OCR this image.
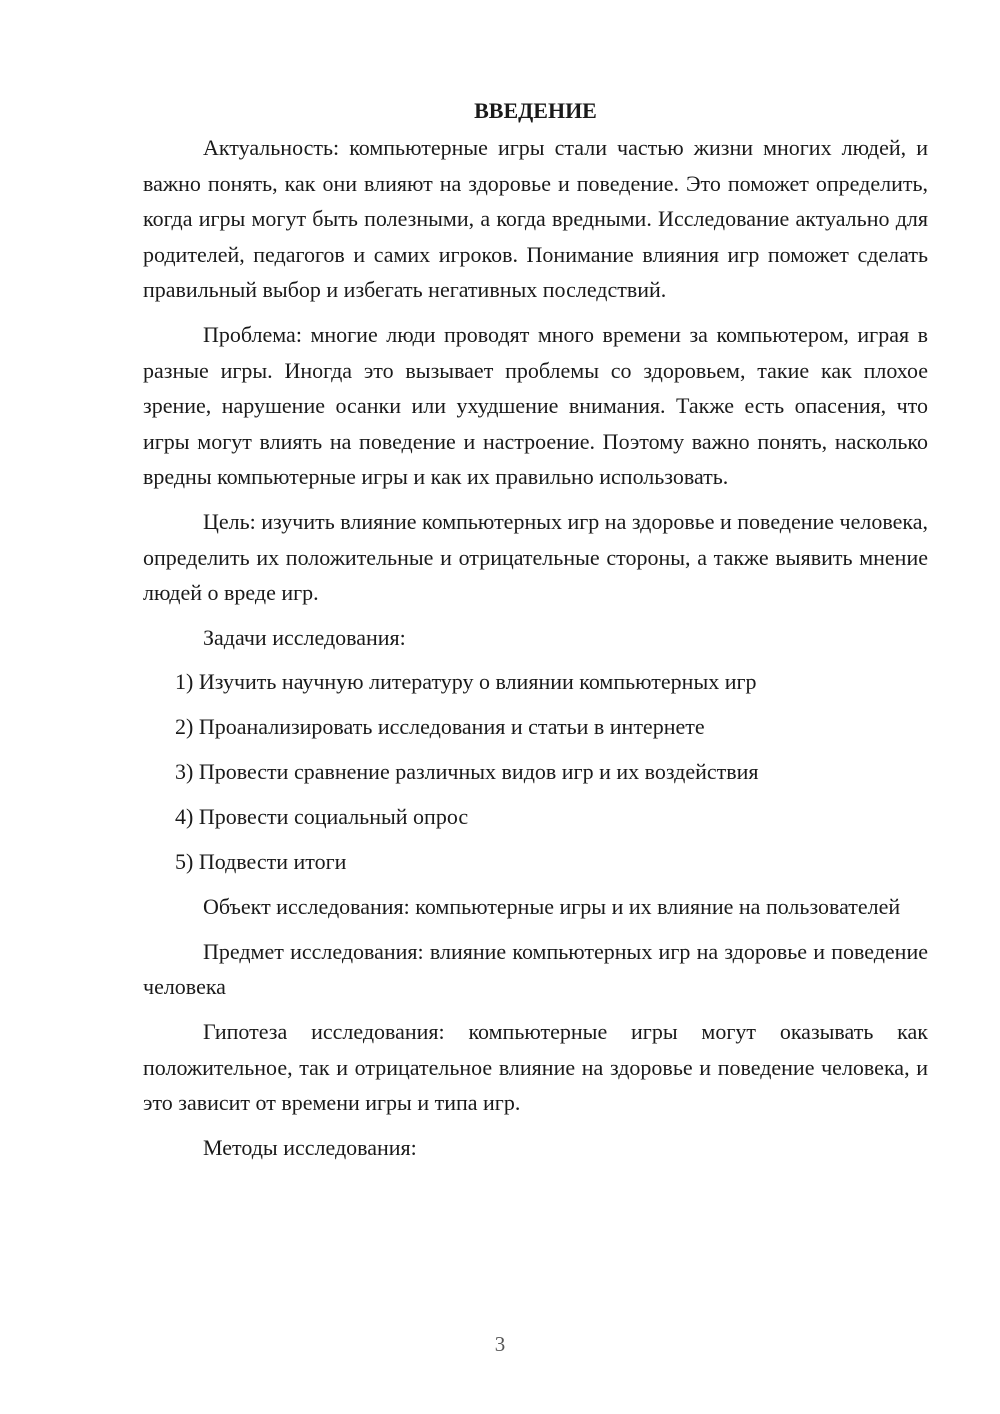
ВВЕДЕНИЕ

Актуальность: компьютерные игры стали частью жизни многих людей, и важно понять, как они влияют на здоровье и поведение. Это поможет определить, когда игры могут быть полезными, а когда вредными. Исследование актуально для родителей, педагогов и самих игроков. Понимание влияния игр поможет сделать правильный выбор и избегать негативных последствий.

Проблема: многие люди проводят много времени за компьютером, играя в разные игры. Иногда это вызывает проблемы со здоровьем, такие как плохое зрение, нарушение осанки или ухудшение внимания. Также есть опасения, что игры могут влиять на поведение и настроение. Поэтому важно понять, насколько вредны компьютерные игры и как их правильно использовать.

Цель: изучить влияние компьютерных игр на здоровье и поведение человека, определить их положительные и отрицательные стороны, а также выявить мнение людей о вреде игр.

Задачи исследования:

1) Изучить научную литературу о влиянии компьютерных игр
2) Проанализировать исследования и статьи в интернете
3) Провести сравнение различных видов игр и их воздействия
4) Провести социальный опрос
5) Подвести итоги

Объект исследования: компьютерные игры и их влияние на пользователей

Предмет исследования: влияние компьютерных игр на здоровье и поведение человека

Гипотеза исследования: компьютерные игры могут оказывать как положительное, так и отрицательное влияние на здоровье и поведение человека, и это зависит от времени игры и типа игр.

Методы исследования:

3
